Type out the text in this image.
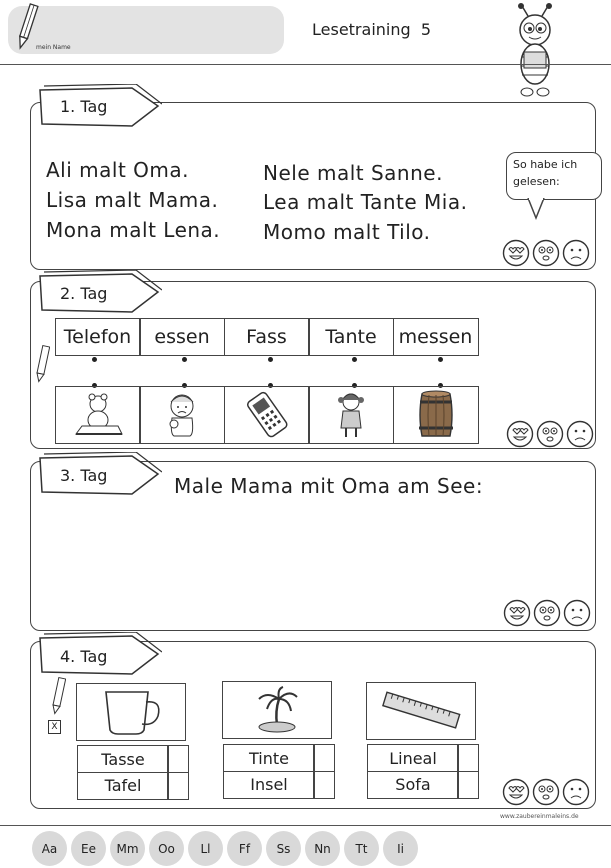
mein Name
Lesetraining 5
1. Tag
Ali malt Oma.
Lisa malt Mama.
Mona malt Lena.
Nele malt Sanne.
Lea malt Tante Mia.
Momo malt Tilo.
So habe ich
gelesen:
2. Tag
Telefon	essen	Fass	Tante	messen
3. Tag	Male Mama mit Oma am See:
4. Tag
X
Tasse
Tafel
Tinte
Insel
Lineal
Sofa
www.zaubereinmaleins.de
Aa	Ee	Mm	Oo	Ll	Ff	Ss	Nn	Tt	Ii
